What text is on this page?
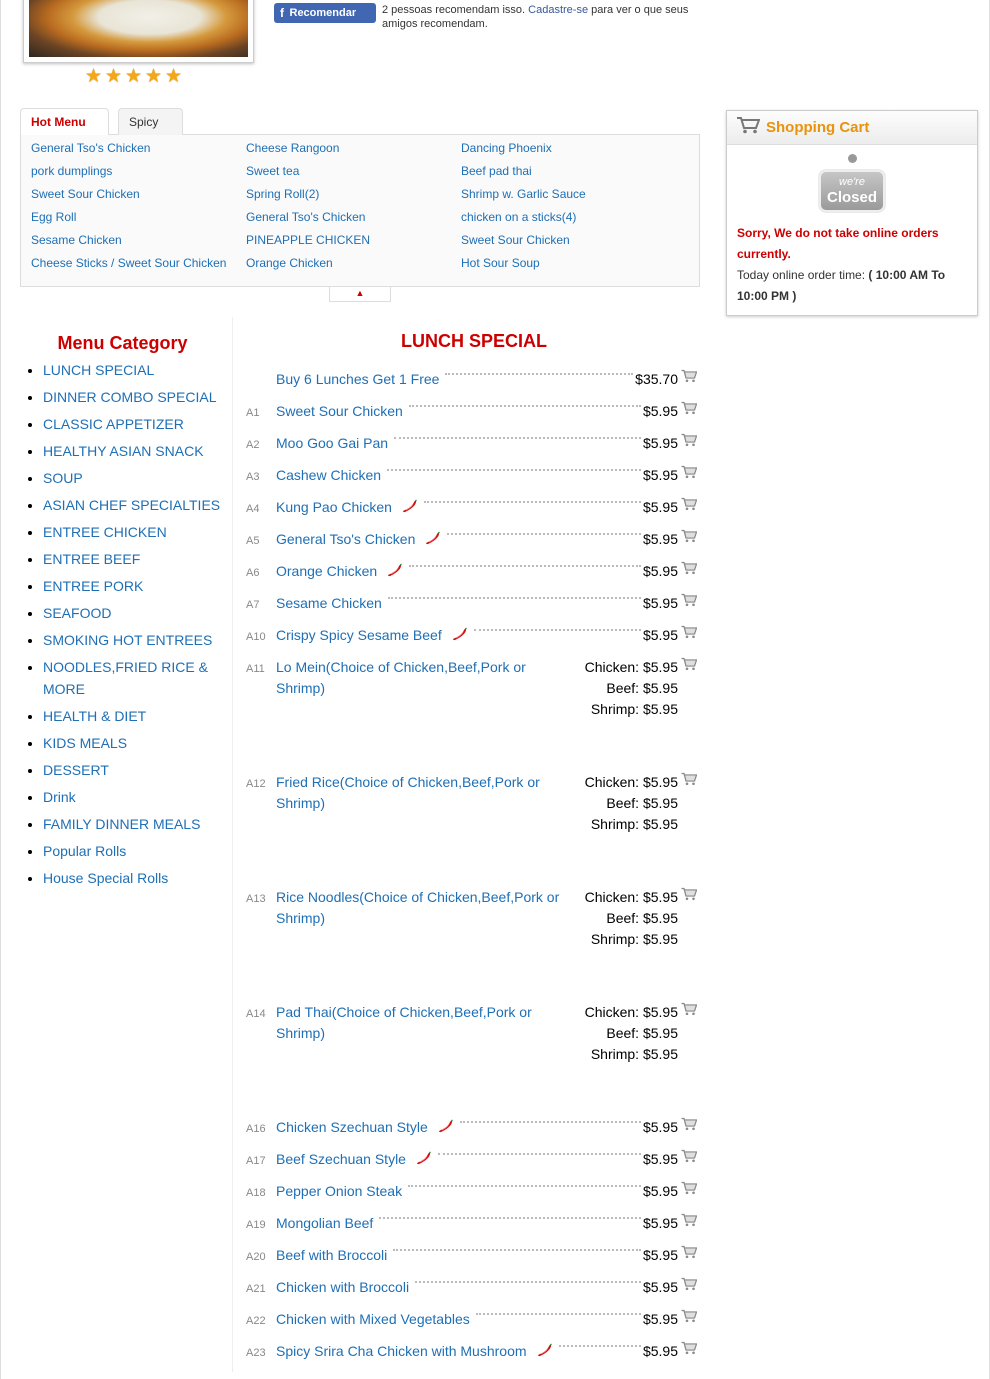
★ ★ ★ ★ ★
f Recomendar 2 pessoas recomendam isso. Cadastre-se para ver o que seus amigos recomendam.
Hot Menu	Spicy
General Tso's Chicken	Cheese Rangoon	Dancing Phoenix
pork dumplings	Sweet tea	Beef pad thai
Sweet Sour Chicken	Spring Roll(2)	Shrimp w. Garlic Sauce
Egg Roll	General Tso's Chicken	chicken on a sticks(4)
Sesame Chicken	PINEAPPLE CHICKEN	Sweet Sour Chicken
Cheese Sticks / Sweet Sour Chicken	Orange Chicken	Hot Sour Soup
▲
Shopping Cart
we're
Closed
Sorry, We do not take online orders currently.
Today online order time: ( 10:00 AM To 10:00 PM )
Menu Category
• LUNCH SPECIAL
• DINNER COMBO SPECIAL
• CLASSIC APPETIZER
• HEALTHY ASIAN SNACK
• SOUP
• ASIAN CHEF SPECIALTIES
• ENTREE CHICKEN
• ENTREE BEEF
• ENTREE PORK
• SEAFOOD
• SMOKING HOT ENTREES
• NOODLES,FRIED RICE & MORE
• HEALTH & DIET
• KIDS MEALS
• DESSERT
• Drink
• FAMILY DINNER MEALS
• Popular Rolls
• House Special Rolls
LUNCH SPECIAL
Buy 6 Lunches Get 1 Free	$35.70
A1 Sweet Sour Chicken	$5.95
A2 Moo Goo Gai Pan	$5.95
A3 Cashew Chicken	$5.95
A4 Kung Pao Chicken	$5.95
A5 General Tso's Chicken	$5.95
A6 Orange Chicken	$5.95
A7 Sesame Chicken	$5.95
A10 Crispy Spicy Sesame Beef	$5.95
A11 Lo Mein(Choice of Chicken,Beef,Pork or Shrimp)
Chicken: $5.95
Beef: $5.95
Shrimp: $5.95
A12 Fried Rice(Choice of Chicken,Beef,Pork or Shrimp)
Chicken: $5.95
Beef: $5.95
Shrimp: $5.95
A13 Rice Noodles(Choice of Chicken,Beef,Pork or Shrimp)
Chicken: $5.95
Beef: $5.95
Shrimp: $5.95
A14 Pad Thai(Choice of Chicken,Beef,Pork or Shrimp)
Chicken: $5.95
Beef: $5.95
Shrimp: $5.95
A16 Chicken Szechuan Style	$5.95
A17 Beef Szechuan Style	$5.95
A18 Pepper Onion Steak	$5.95
A19 Mongolian Beef	$5.95
A20 Beef with Broccoli	$5.95
A21 Chicken with Broccoli	$5.95
A22 Chicken with Mixed Vegetables	$5.95
A23 Spicy Srira Cha Chicken with Mushroom	$5.95
